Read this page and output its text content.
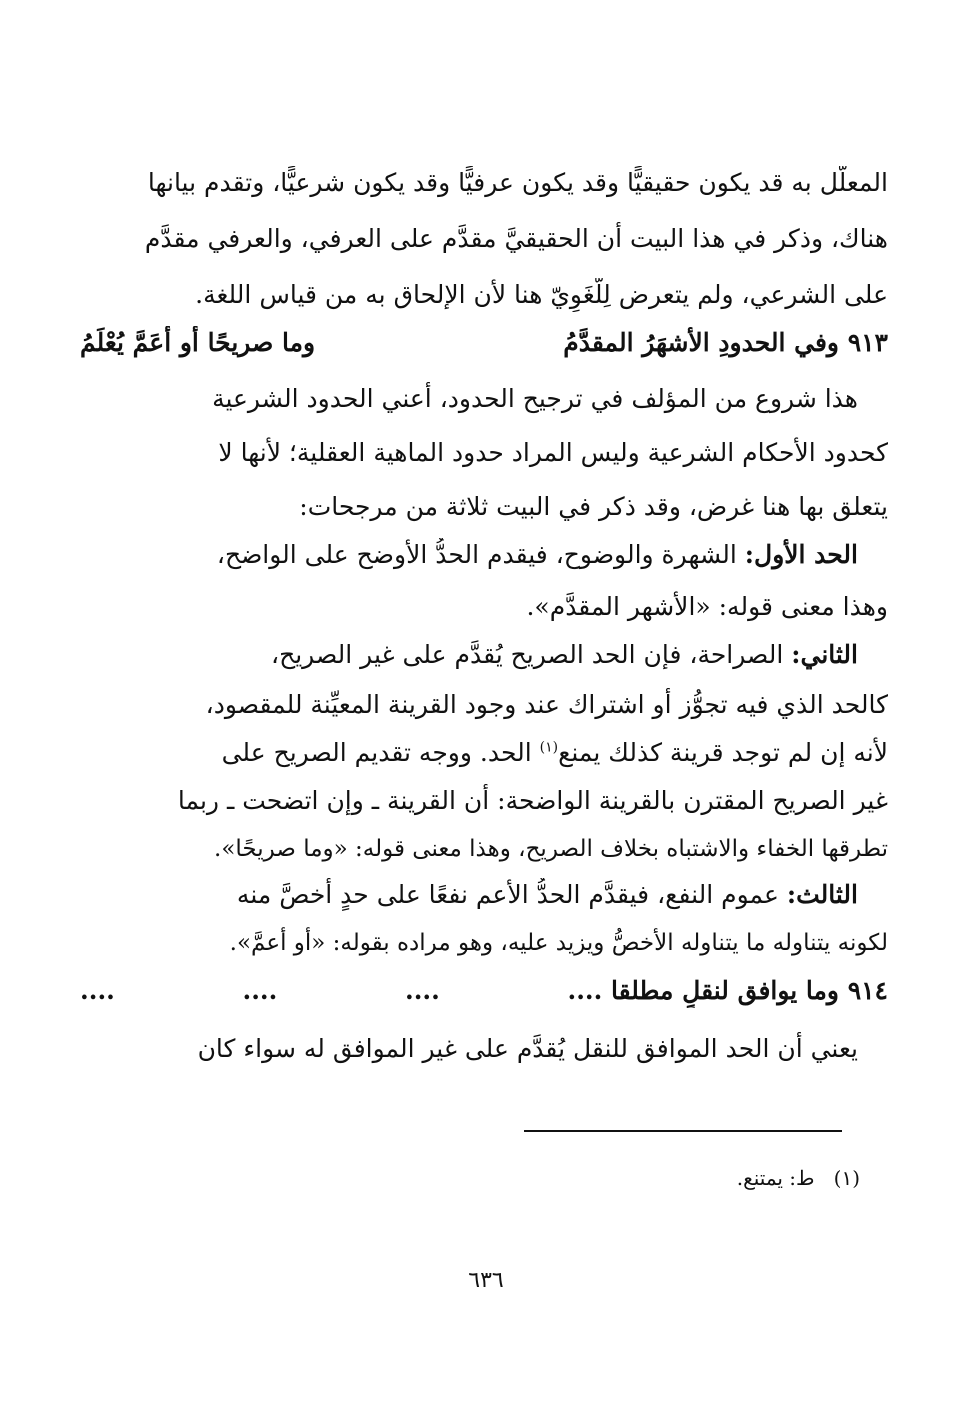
المعلَّل به قد يكون حقيقيًّا وقد يكون عرفيًّا وقد يكون شرعيًّا، وتقدم بيانها
هناك، وذكر في هذا البيت أن الحقيقيَّ مقدَّم على العرفي، والعرفي مقدَّم
على الشرعي، ولم يتعرض لِلُّغَوِيّ هنا لأن الإلحاق به من قياس اللغة.
٩١٣ وفي الحدودِ الأشهَرُ المقدَّمُ
وما صريحًا أو أعَمَّ يُعْلَمُ
هذا شروع من المؤلف في ترجيح الحدود، أعني الحدود الشرعية
كحدود الأحكام الشرعية وليس المراد حدود الماهية العقلية؛ لأنها لا
يتعلق بها هنا غرض، وقد ذكر في البيت ثلاثة من مرجحات:
الحد الأول: الشهرة والوضوح، فيقدم الحدُّ الأوضح على الواضح،
وهذا معنى قوله: «الأشهر المقدَّم».
الثاني: الصراحة، فإن الحد الصريح يُقدَّم على غير الصريح،
كالحد الذي فيه تجوُّز أو اشتراك عند وجود القرينة المعيِّنة للمقصود،
لأنه إن لم توجد قرينة كذلك يمنع$^{(١)}$ الحد. ووجه تقديم الصريح على
غير الصريح المقترن بالقرينة الواضحة: أن القرينة ـ وإن اتضحت ـ ربما
تطرقها الخفاء والاشتباه بخلاف الصريح، وهذا معنى قوله: «وما صريحًا».
الثالث: عموم النفع، فيقدَّم الحدُّ الأعم نفعًا على حدٍ أخصَّ منه
لكونه يتناوله ما يتناوله الأخصُّ ويزيد عليه، وهو مراده بقوله: «أو أعمَّ».
٩١٤ وما يوافق لنقلٍ مطلقا ....
....
....
....
يعني أن الحد الموافق للنقل يُقدَّم على غير الموافق له سواء كان
(١)   ط: يمتنع.
٦٣٦
